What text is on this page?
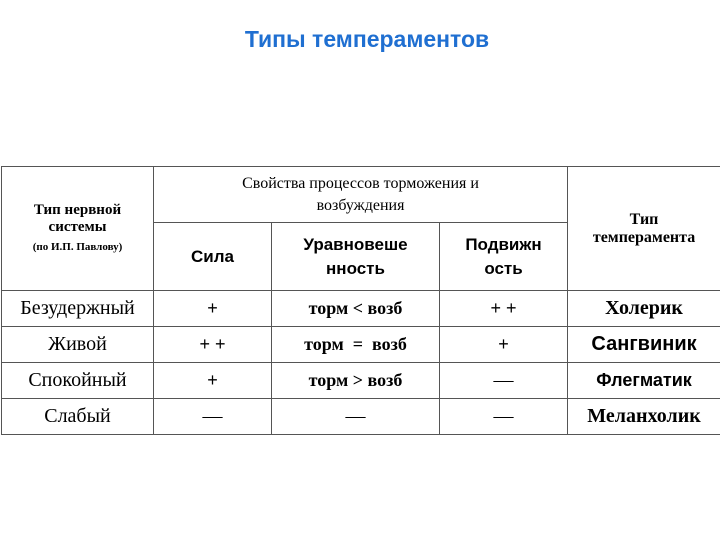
Типы темпераментов
Тип нервной
системы
(по И.П. Павлову)	Свойства процессов торможения и возбуждения			Тип
темперамента
	Сила	Уравновеше нность	Подвижн ость	
Безудержный	+	торм < возб	+ +	Холерик
Живой	+ +	торм  =  возб	+	Сангвиник
Спокойный	+	торм > возб	—	Флегматик
Слабый	—	—	—	Меланхолик
